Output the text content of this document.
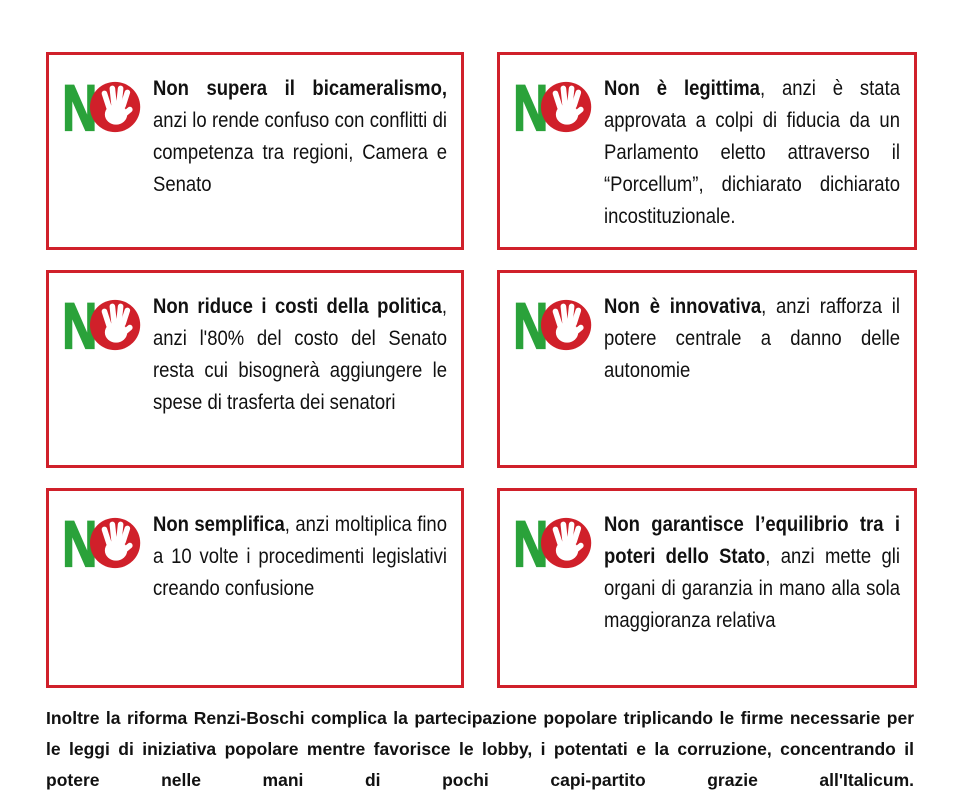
Non supera il bicameralismo, anzi lo rende confuso con conflitti di competenza tra regioni, Camera e Senato
Non è legittima, anzi è stata approvata a colpi di fiducia da un Parlamento eletto attraverso il “Porcellum”, dichiarato dichiarato incostituzionale.
Non riduce i costi della politica, anzi l'80% del costo del Senato resta cui bisognerà aggiungere le spese di trasferta dei senatori
Non è innovativa, anzi rafforza il potere centrale a danno delle autonomie
Non semplifica, anzi moltiplica fino a 10 volte i procedimenti legislativi creando confusione
Non garantisce l’equilibrio tra i poteri dello Stato, anzi mette gli organi di garanzia in mano alla sola maggioranza relativa
Inoltre la riforma Renzi-Boschi complica la partecipazione popolare triplicando le firme necessarie per le leggi di iniziativa popolare mentre favorisce le lobby, i potentati e la corruzione, concentrando il potere nelle mani di pochi capi-partito grazie all'Italicum.
